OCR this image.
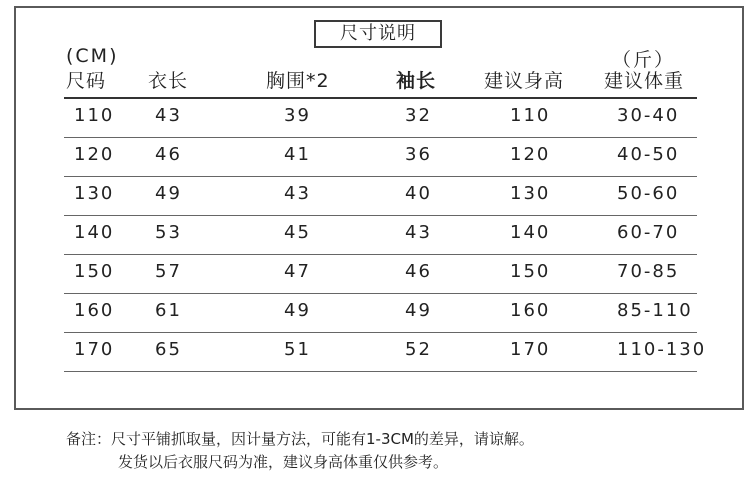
尺寸说明
(CM)	（斤）
尺码 衣长	胸围*2	袖长	建议身高 建议体重
110 43	39	32	110	30-40
120 46	41	36	120	40-50
130 49	43	40	130	50-60
140 53	45	43	140	60-70
150 57	47	46	150	70-85
160 61	49	49	160	85-110
170 65	51	52	170	110-130
备注：尺寸平铺抓取量，因计量方法，可能有1-3CM的差异，请谅解。
发货以后衣服尺码为准，建议身高体重仅供参考。
